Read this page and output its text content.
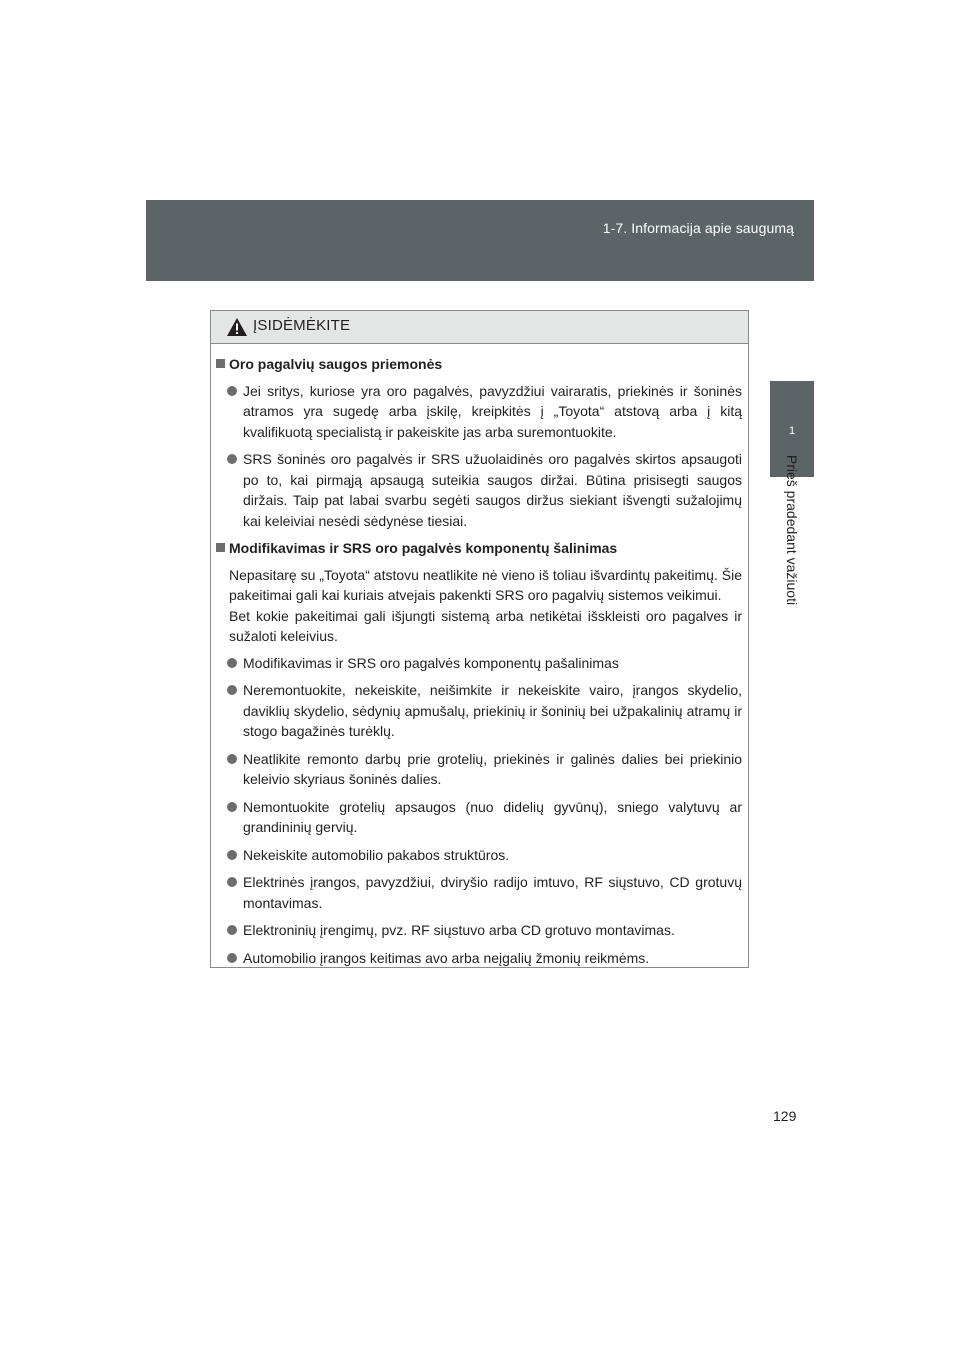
1-7. Informacija apie saugumą
1
Prieš pradedant važiuoti
ĮSIDĖMĖKITE
Oro pagalvių saugos priemonės
Jei sritys, kuriose yra oro pagalvės, pavyzdžiui vairaratis, priekinės ir šoninės atramos yra sugedę arba įskilę, kreipkitės į „Toyota“ atstovą arba į kitą kvalifikuotą specialistą ir pakeiskite jas arba suremontuokite.
SRS šoninės oro pagalvės ir SRS užuolaidinės oro pagalvės skirtos apsaugoti po to, kai pirmąją apsaugą suteikia saugos diržai. Būtina prisisegti saugos diržais. Taip pat labai svarbu segėti saugos diržus siekiant išvengti sužalojimų kai keleiviai nesėdi sėdynėse tiesiai.
Modifikavimas ir SRS oro pagalvės komponentų šalinimas
Nepasitarę su „Toyota“ atstovu neatlikite nė vieno iš toliau išvardintų pakeitimų. Šie pakeitimai gali kai kuriais atvejais pakenkti SRS oro pagalvių sistemos veikimui.
Bet kokie pakeitimai gali išjungti sistemą arba netikėtai išskleisti oro pagalves ir sužaloti keleivius.
Modifikavimas ir SRS oro pagalvės komponentų pašalinimas
Neremontuokite, nekeiskite, neišimkite ir nekeiskite vairo, įrangos skydelio, daviklių skydelio, sėdynių apmušalų, priekinių ir šoninių bei užpakalinių atramų ir stogo bagažinės turėklų.
Neatlikite remonto darbų prie grotelių, priekinės ir galinės dalies bei priekinio keleivio skyriaus šoninės dalies.
Nemontuokite grotelių apsaugos (nuo didelių gyvūnų), sniego valytuvų ar grandininių gervių.
Nekeiskite automobilio pakabos struktūros.
Elektrinės įrangos, pavyzdžiui, dviryšio radijo imtuvo, RF siųstuvo, CD grotuvų montavimas.
Elektroninių įrengimų, pvz. RF siųstuvo arba CD grotuvo montavimas.
Automobilio įrangos keitimas avo arba neįgalių žmonių reikmėms.
129
